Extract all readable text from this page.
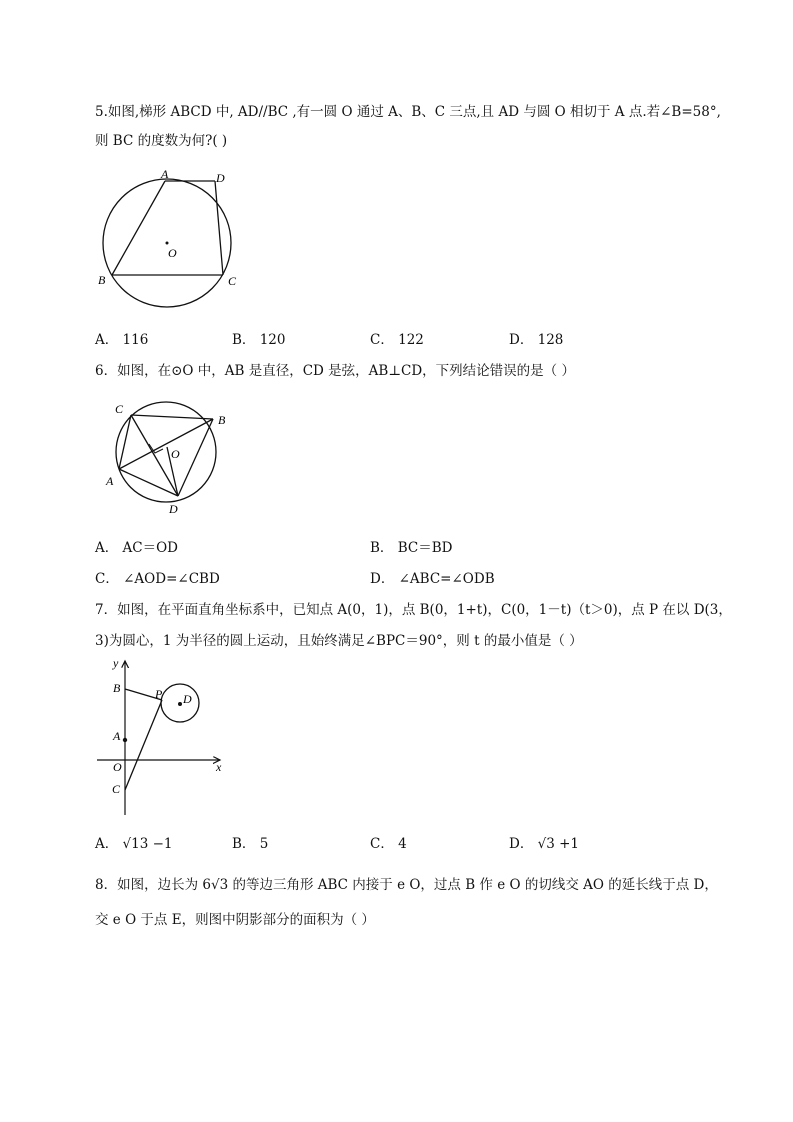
5.如图,梯形 ABCD 中, AD//BC ,有一圆 O 通过 A、B、C 三点,且 AD 与圆 O 相切于 A 点.若∠B=58°,
则 BC 的度数为何?( )
A	D
O
B	C
A． 116	B． 120	C． 122	D． 128
6．如图，在⊙O 中，AB 是直径，CD 是弦，AB⊥CD，下列结论错误的是（ ）
C
B
O
A
D
A． AC＝OD	B． BC＝BD
C． ∠AOD=∠CBD	D． ∠ABC=∠ODB
7．如图，在平面直角坐标系中，已知点 A(0，1)，点 B(0，1+t)，C(0，1－t)（t＞0)，点 P 在以 D(3，
3)为圆心，1 为半径的圆上运动，且始终满足∠BPC＝90°，则 t 的最小值是（ ）
y
B	P D
A
O	x
C
A． √13 −1	B． 5	C． 4	D． √3 +1
8．如图，边长为 6√3 的等边三角形 ABC 内接于 e O，过点 B 作 e O 的切线交 AO 的延长线于点 D，
交 e O 于点 E，则图中阴影部分的面积为（ ）
